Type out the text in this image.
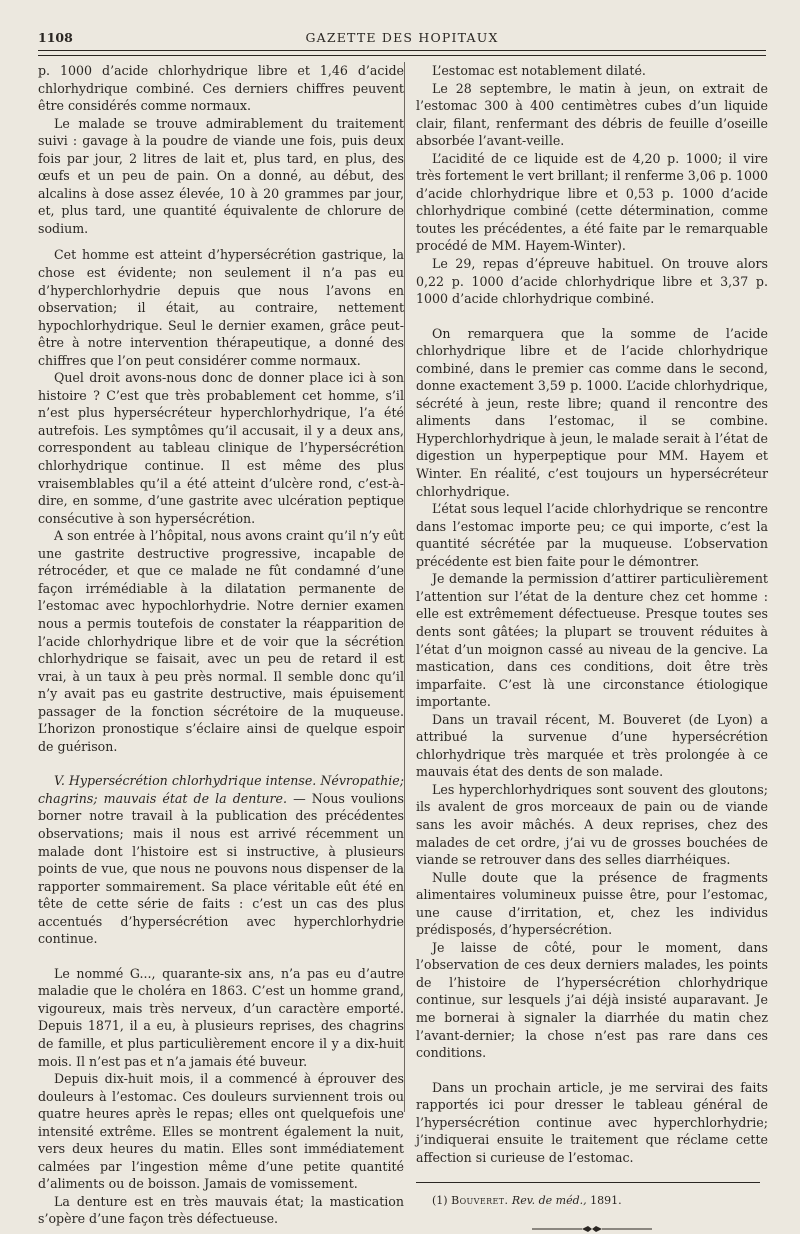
1108	GAZETTE DES HOPITAUX

p. 1000 d’acide chlorhydrique libre et 1,46 d’acide chlorhydrique combiné. Ces derniers chiffres peuvent être considérés comme normaux.

Le malade se trouve admirablement du traitement suivi : gavage à la poudre de viande une fois, puis deux fois par jour, 2 litres de lait et, plus tard, en plus, des œufs et un peu de pain. On a donné, au début, des alcalins à dose assez élevée, 10 à 20 grammes par jour, et, plus tard, une quantité équivalente de chlorure de sodium.

Cet homme est atteint d’hypersécrétion gastrique, la chose est évidente; non seulement il n’a pas eu d’hyperchlorhydrie depuis que nous l’avons en observation; il était, au contraire, nettement hypochlorhydrique. Seul le dernier examen, grâce peut-être à notre intervention thérapeutique, a donné des chiffres que l’on peut considérer comme normaux.

Quel droit avons-nous donc de donner place ici à son histoire ? C’est que très probablement cet homme, s’il n’est plus hypersécréteur hyperchlorhydrique, l’a été autrefois. Les symptômes qu’il accusait, il y a deux ans, correspondent au tableau clinique de l’hypersécrétion chlorhydrique continue. Il est même des plus vraisemblables qu’il a été atteint d’ulcère rond, c’est-à-dire, en somme, d’une gastrite avec ulcération peptique consécutive à son hypersécrétion.

A son entrée à l’hôpital, nous avons craint qu’il n’y eût une gastrite destructive progressive, incapable de rétrocéder, et que ce malade ne fût condamné d’une façon irrémédiable à la dilatation permanente de l’estomac avec hypochlorhydrie. Notre dernier examen nous a permis toutefois de constater la réapparition de l’acide chlorhydrique libre et de voir que la sécrétion chlorhydrique se faisait, avec un peu de retard il est vrai, à un taux à peu près normal. Il semble donc qu’il n’y avait pas eu gastrite destructive, mais épuisement passager de la fonction sécrétoire de la muqueuse. L’horizon pronostique s’éclaire ainsi de quelque espoir de guérison.

V. Hypersécrétion chlorhydrique intense. Névropathie; chagrins; mauvais état de la denture. — Nous voulions borner notre travail à la publication des précédentes observations; mais il nous est arrivé récemment un malade dont l’histoire est si instructive, à plusieurs points de vue, que nous ne pouvons nous dispenser de la rapporter sommairement. Sa place véritable eût été en tête de cette série de faits : c’est un cas des plus accentués d’hypersécrétion avec hyperchlorhydrie continue.

Le nommé G..., quarante-six ans, n’a pas eu d’autre maladie que le choléra en 1863. C’est un homme grand, vigoureux, mais très nerveux, d’un caractère emporté. Depuis 1871, il a eu, à plusieurs reprises, des chagrins de famille, et plus particulièrement encore il y a dix-huit mois. Il n’est pas et n’a jamais été buveur.

Depuis dix-huit mois, il a commencé à éprouver des douleurs à l’estomac. Ces douleurs surviennent trois ou quatre heures après le repas; elles ont quelquefois une intensité extrême. Elles se montrent également la nuit, vers deux heures du matin. Elles sont immédiatement calmées par l’ingestion même d’une petite quantité d’aliments ou de boisson. Jamais de vomissement.

La denture est en très mauvais état; la mastication s’opère d’une façon très défectueuse.

L’estomac est notablement dilaté.

Le 28 septembre, le matin à jeun, on extrait de l’estomac 300 à 400 centimètres cubes d’un liquide clair, filant, renfermant des débris de feuille d’oseille absorbée l’avant-veille.

L’acidité de ce liquide est de 4,20 p. 1000; il vire très fortement le vert brillant; il renferme 3,06 p. 1000 d’acide chlorhydrique libre et 0,53 p. 1000 d’acide chlorhydrique combiné (cette détermination, comme toutes les précédentes, a été faite par le remarquable procédé de MM. Hayem-Winter).

Le 29, repas d’épreuve habituel. On trouve alors 0,22 p. 1000 d’acide chlorhydrique libre et 3,37 p. 1000 d’acide chlorhydrique combiné.

On remarquera que la somme de l’acide chlorhydrique libre et de l’acide chlorhydrique combiné, dans le premier cas comme dans le second, donne exactement 3,59 p. 1000. L’acide chlorhydrique, sécrété à jeun, reste libre; quand il rencontre des aliments dans l’estomac, il se combine. Hyperchlorhydrique à jeun, le malade serait à l’état de digestion un hyperpeptique pour MM. Hayem et Winter. En réalité, c’est toujours un hypersécréteur chlorhydrique.

L’état sous lequel l’acide chlorhydrique se rencontre dans l’estomac importe peu; ce qui importe, c’est la quantité sécrétée par la muqueuse. L’observation précédente est bien faite pour le démontrer.

Je demande la permission d’attirer particulièrement l’attention sur l’état de la denture chez cet homme : elle est extrêmement défectueuse. Presque toutes ses dents sont gâtées; la plupart se trouvent réduites à l’état d’un moignon cassé au niveau de la gencive. La mastication, dans ces conditions, doit être très imparfaite. C’est là une circonstance étiologique importante.

Dans un travail récent, M. Bouveret (de Lyon) a attribué la survenue d’une hypersécrétion chlorhydrique très marquée et très prolongée à ce mauvais état des dents de son malade.

Les hyperchlorhydriques sont souvent des gloutons; ils avalent de gros morceaux de pain ou de viande sans les avoir mâchés. A deux reprises, chez des malades de cet ordre, j’ai vu de grosses bouchées de viande se retrouver dans des selles diarrhéiques.

Nulle doute que la présence de fragments alimentaires volumineux puisse être, pour l’estomac, une cause d’irritation, et, chez les individus prédisposés, d’hypersécrétion.

Je laisse de côté, pour le moment, dans l’observation de ces deux derniers malades, les points de l’histoire de l’hypersécrétion chlorhydrique continue, sur lesquels j’ai déjà insisté auparavant. Je me bornerai à signaler la diarrhée du matin chez l’avant-dernier; la chose n’est pas rare dans ces conditions.

Dans un prochain article, je me servirai des faits rapportés ici pour dresser le tableau général de l’hypersécrétion continue avec hyperchlorhydrie; j’indiquerai ensuite le traitement que réclame cette affection si curieuse de l’estomac.

(1) Bouveret. Rev. de méd., 1891.
